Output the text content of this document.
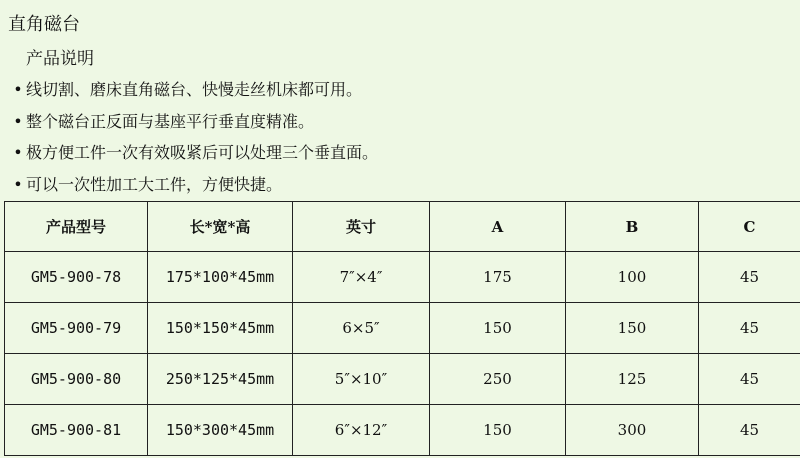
直角磁台
产品说明
• 线切割、磨床直角磁台、快慢走丝机床都可用。
• 整个磁台正反面与基座平行垂直度精准。
• 极方便工件一次有效吸紧后可以处理三个垂直面。
• 可以一次性加工大工件，方便快捷。
产品型号	长*宽*高	英寸	A	B	C
GM5-900-78	175*100*45mm	7″×4″	175	100	45
GM5-900-79	150*150*45mm	6×5″	150	150	45
GM5-900-80	250*125*45mm	5″×10″	250	125	45
GM5-900-81	150*300*45mm	6″×12″	150	300	45
